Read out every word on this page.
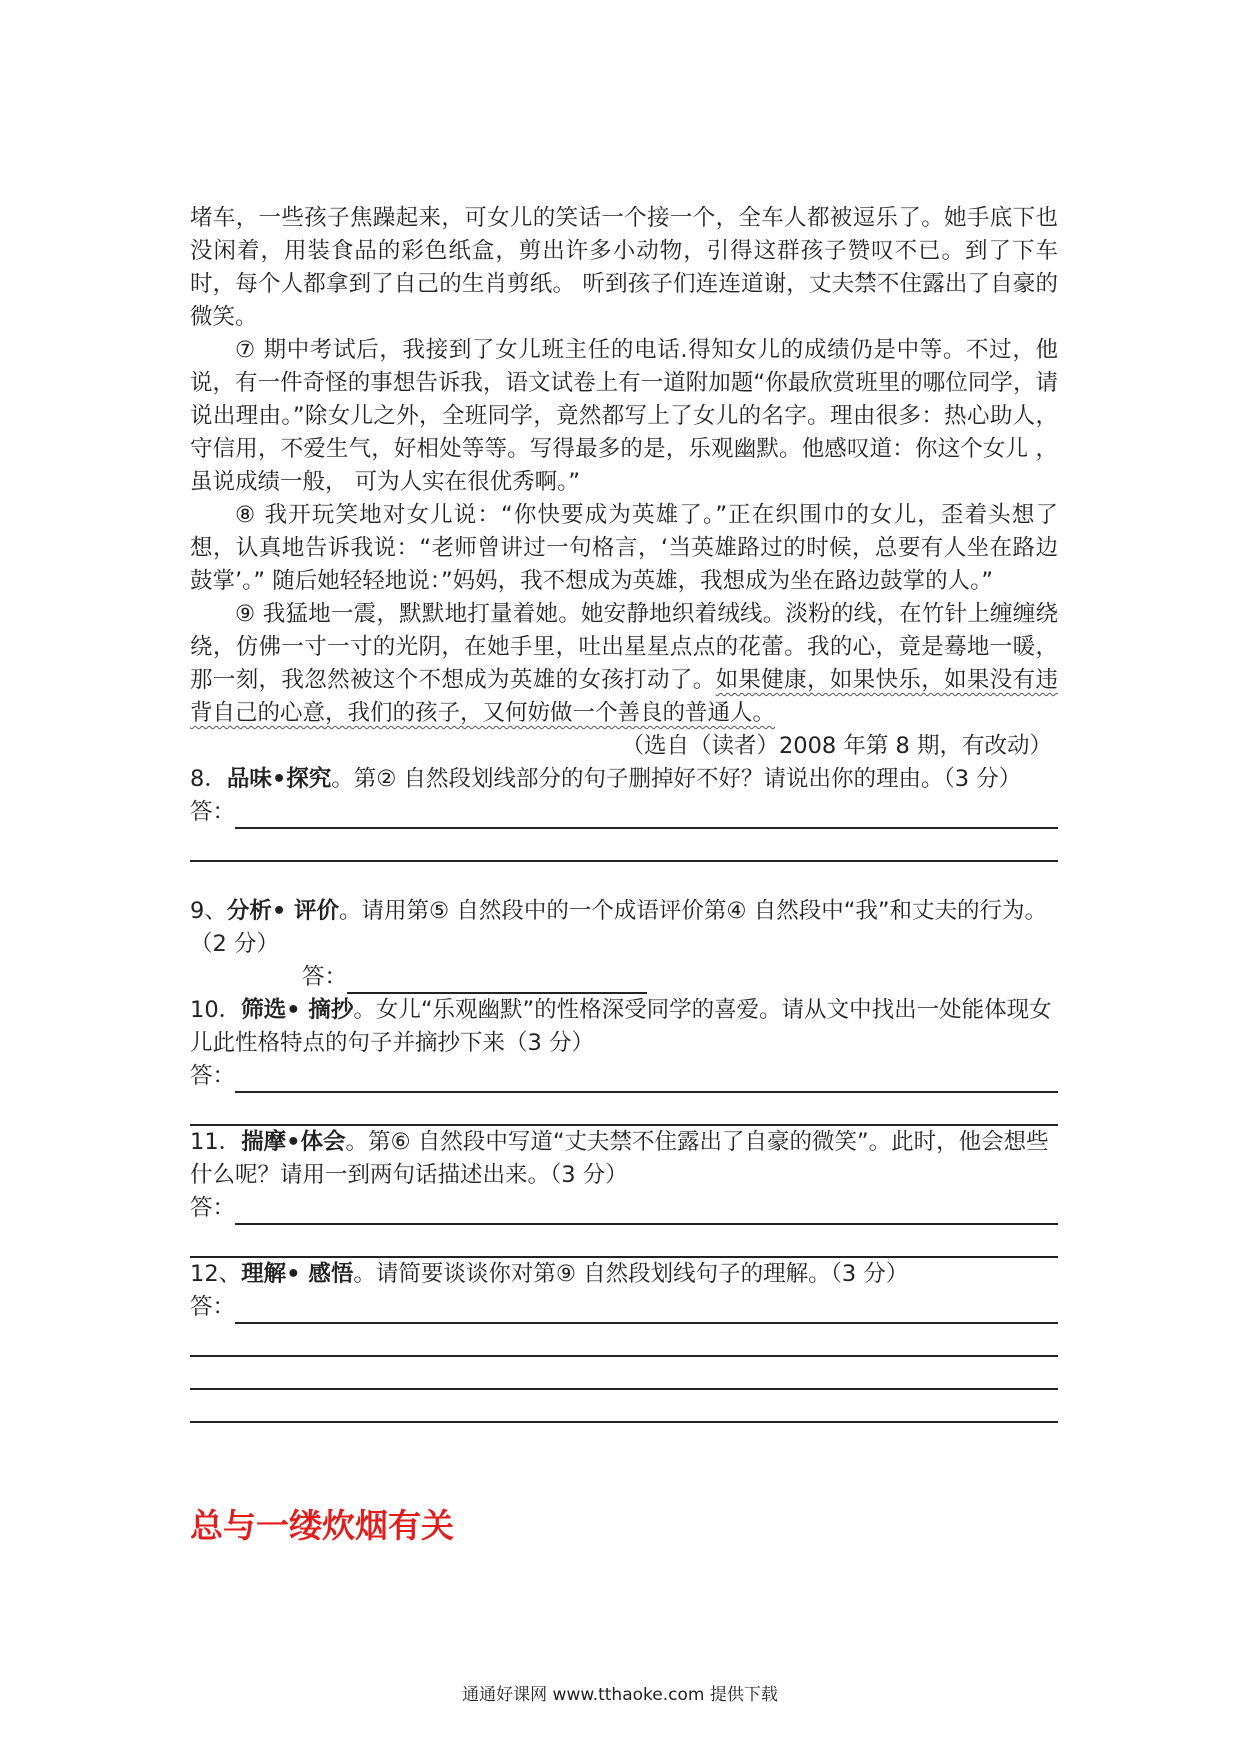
堵车，一些孩子焦躁起来，可女儿的笑话一个接一个，全车人都被逗乐了。她手底下也没闲着，用装食品的彩色纸盒，剪出许多小动物，引得这群孩子赞叹不已。到了下车时，每个人都拿到了自己的生肖剪纸。 听到孩子们连连道谢，丈夫禁不住露出了自豪的微笑。

⑦ 期中考试后，我接到了女儿班主任的电话.得知女儿的成绩仍是中等。不过，他说，有一件奇怪的事想告诉我，语文试卷上有一道附加题“你最欣赏班里的哪位同学，请说出理由。”除女儿之外，全班同学，竟然都写上了女儿的名字。理由很多：热心助人，守信用，不爱生气，好相处等等。写得最多的是，乐观幽默。他感叹道：你这个女儿 ，虽说成绩一般， 可为人实在很优秀啊。”

⑧ 我开玩笑地对女儿说：“你快要成为英雄了。”正在织围巾的女儿，歪着头想了想，认真地告诉我说：“老师曾讲过一句格言，‘当英雄路过的时候，总要有人坐在路边鼓掌’。” 随后她轻轻地说：”妈妈，我不想成为英雄，我想成为坐在路边鼓掌的人。”

⑨ 我猛地一震，默默地打量着她。她安静地织着绒线。淡粉的线，在竹针上缠缠绕绕，仿佛一寸一寸的光阴，在她手里，吐出星星点点的花蕾。我的心，竟是蓦地一暖，那一刻，我忽然被这个不想成为英雄的女孩打动了。如果健康，如果快乐，如果没有违背自己的心意，我们的孩子，又何妨做一个善良的普通人。

（选自（读者）2008 年第 8 期，有改动）

8．品味•探究。第② 自然段划线部分的句子删掉好不好？请说出你的理由。（3 分）

答：

9、分析• 评价。请用第⑤ 自然段中的一个成语评价第④ 自然段中“我”和丈夫的行为。（2 分）

答：

10．筛选• 摘抄。女儿“乐观幽默”的性格深受同学的喜爱。请从文中找出一处能体现女儿此性格特点的句子并摘抄下来（3 分）

答：

11．揣摩•体会。第⑥ 自然段中写道“丈夫禁不住露出了自豪的微笑”。此时，他会想些什么呢？请用一到两句话描述出来。（3 分）

答：

12、理解• 感悟。请简要谈谈你对第⑨ 自然段划线句子的理解。（3 分）

答：
总与一缕炊烟有关
通通好课网 www.tthaoke.com 提供下载
